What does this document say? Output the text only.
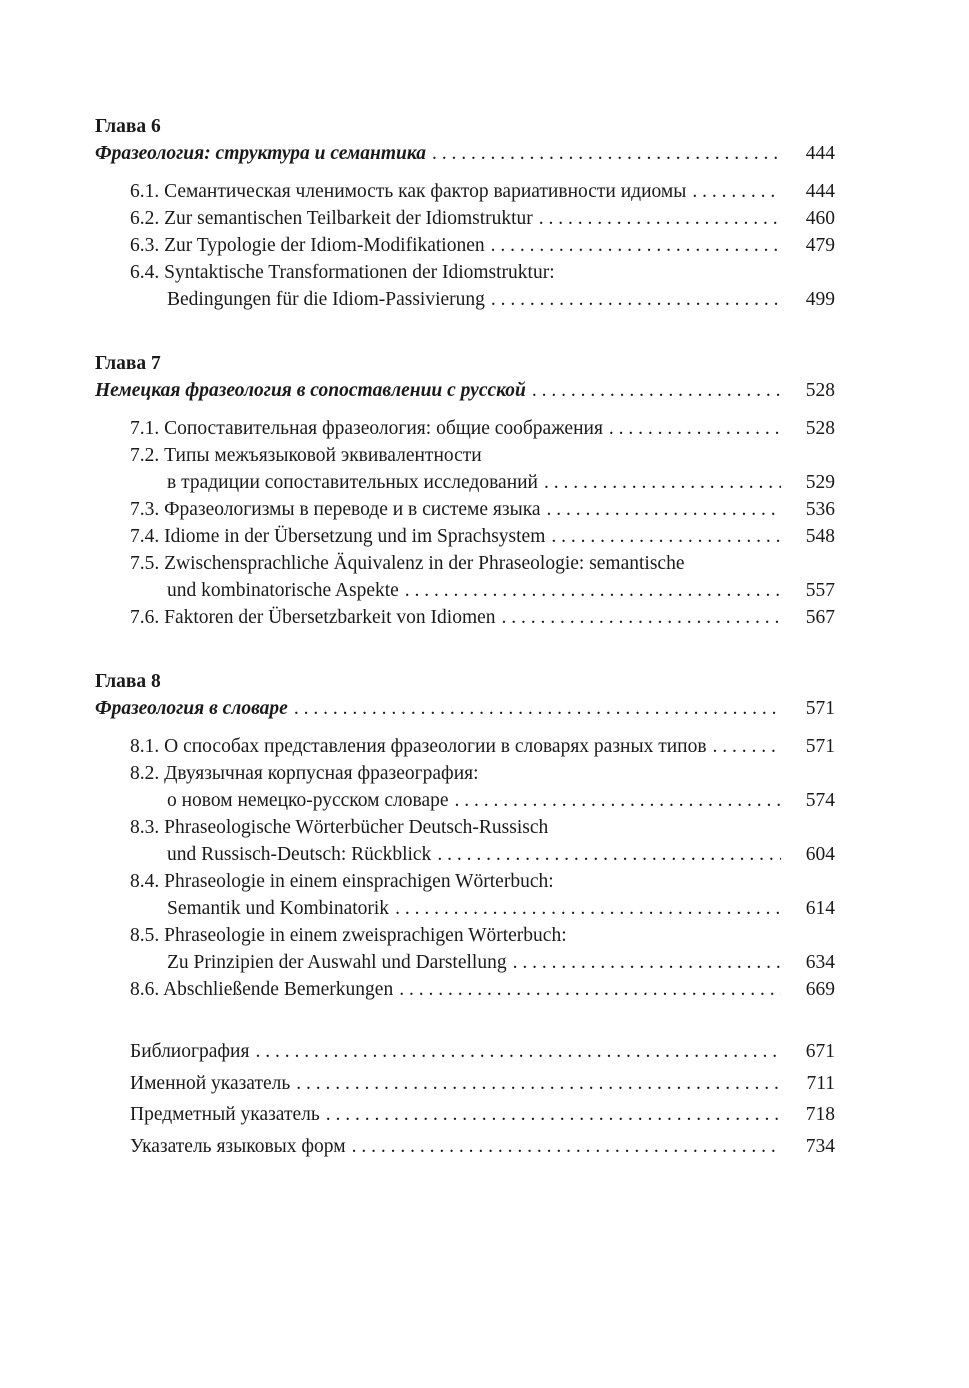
Глава 6
Фразеология: структура и семантика . . .	444
6.1. Семантическая членимость как фактор вариативности идиомы . . .	444
6.2. Zur semantischen Teilbarkeit der Idiomstruktur . . .	460
6.3. Zur Typologie der Idiom-Modifikationen . . .	479
6.4. Syntaktische Transformationen der Idiomstruktur:
Bedingungen für die Idiom-Passivierung . . .	499
Глава 7
Немецкая фразеология в сопоставлении с русской . . .	528
7.1. Сопоставительная фразеология: общие соображения . . .	528
7.2. Типы межъязыковой эквивалентности
в традиции сопоставительных исследований . . .	529
7.3. Фразеологизмы в переводе и в системе языка . . .	536
7.4. Idiome in der Übersetzung und im Sprachsystem . . .	548
7.5. Zwischensprachliche Äquivalenz in der Phraseologie: semantische
und kombinatorische Aspekte . . .	557
7.6. Faktoren der Übersetzbarkeit von Idiomen . . .	567
Глава 8
Фразеология в словаре . . .	571
8.1. О способах представления фразеологии в словарях разных типов . . .	571
8.2. Двуязычная корпусная фразеография:
о новом немецко-русском словаре . . .	574
8.3. Phraseologische Wörterbücher Deutsch-Russisch
und Russisch-Deutsch: Rückblick . . .	604
8.4. Phraseologie in einem einsprachigen Wörterbuch:
Semantik und Kombinatorik . . .	614
8.5. Phraseologie in einem zweisprachigen Wörterbuch:
Zu Prinzipien der Auswahl und Darstellung . . .	634
8.6. Abschließende Bemerkungen . . .	669
Библиография . . .	671
Именной указатель . . .	711
Предметный указатель . . .	718
Указатель языковых форм . . .	734
